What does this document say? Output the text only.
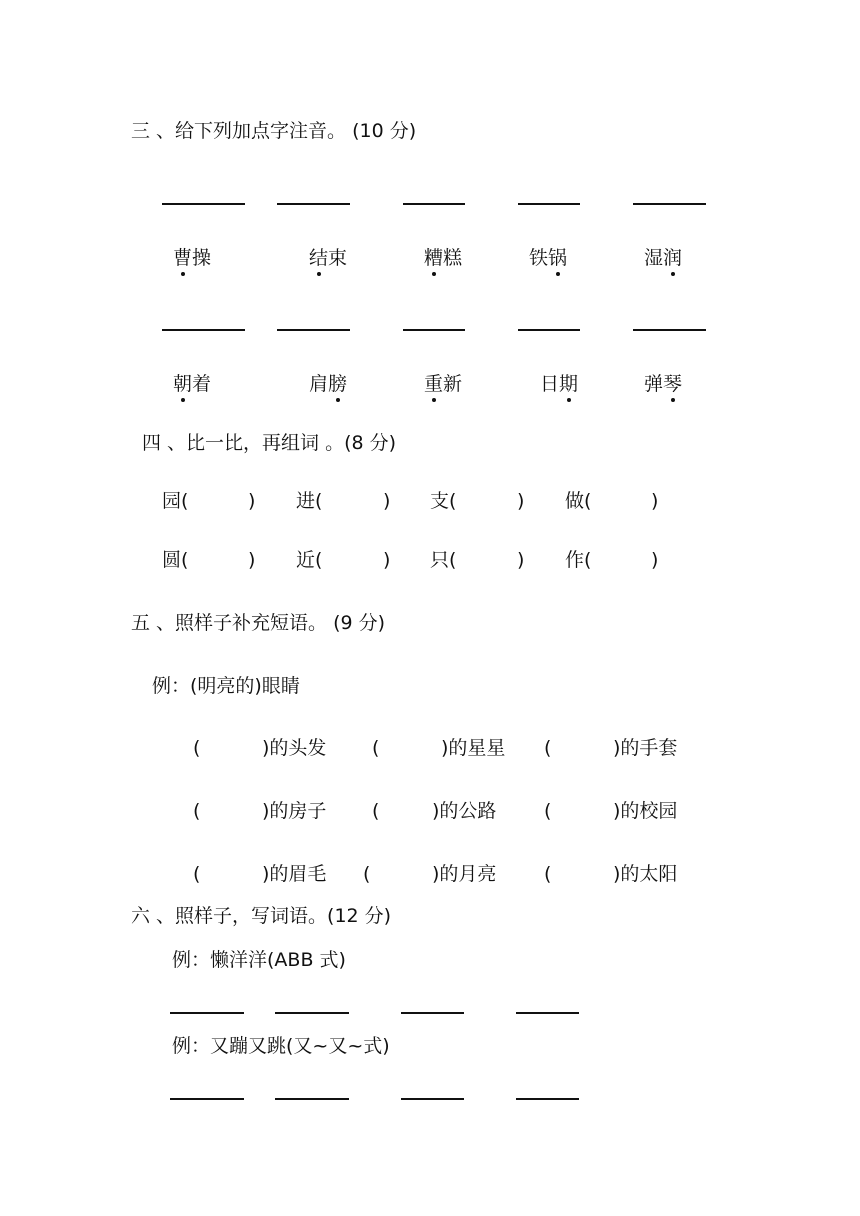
三 、给下列加点字注音。 (10 分)
曹操	结束	糟糕	铁锅	湿润
朝着	肩膀	重新	日期	弹琴
四 、比一比，再组词 。(8 分)
园(	) 进(	) 支(	) 做(	)
圆(	) 近(	) 只(	) 作(	)
五 、照样子补充短语。 (9 分)
例：(明亮的)眼睛
(	)的头发 (	)的星星 (	)的手套
(	)的房子 (	)的公路	(	)的校园
(	)的眉毛 (	)的月亮	(	)的太阳
六 、照样子，写词语。(12 分)
例：懒洋洋(ABB 式)
例：又蹦又跳(又~又~式)
